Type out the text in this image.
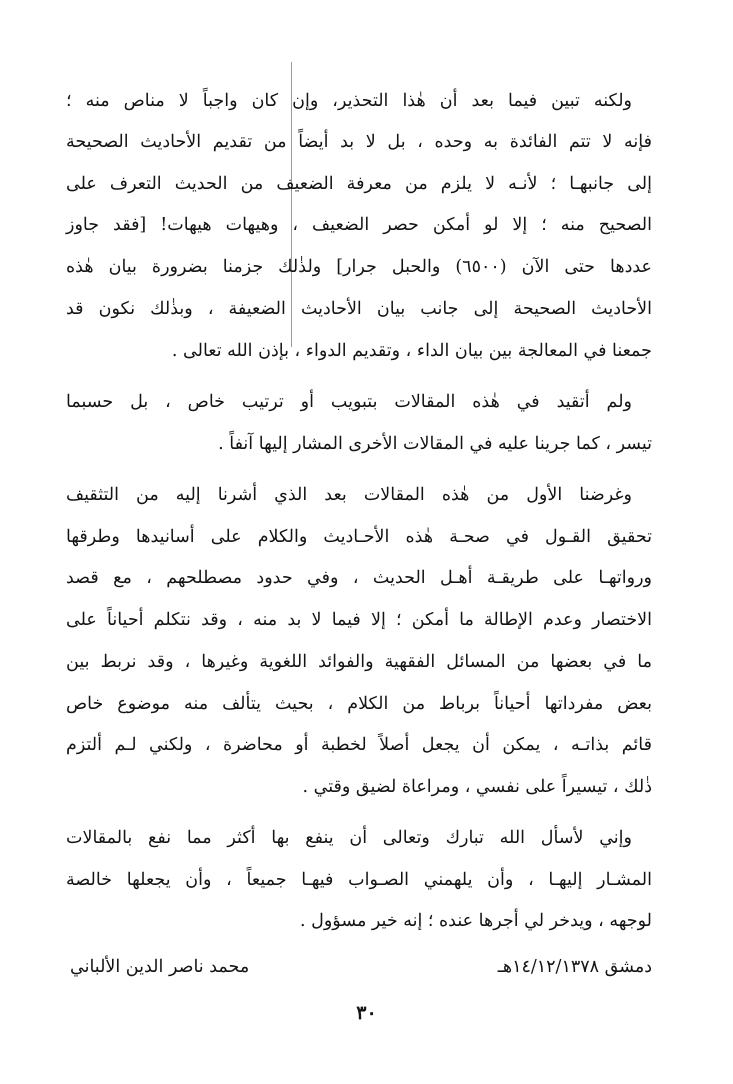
ولكنه تبين فيما بعد أن هٰذا التحذير، وإن كان واجباً لا مناص منه ؛
فإنه لا تتم الفائدة به وحده ، بل لا بد أيضاً من تقديم الأحاديث الصحيحة
إلى جانبهـا ؛ لأنـه لا يلزم من معرفة الضعيف من الحديث التعرف على
الصحيح منه ؛ إلا لو أمكن حصر الضعيف ، وهيهات هيهات! [فقد جاوز
عددها حتى الآن (٦٥٠٠) والحبل جرار] ولذٰلك جزمنا بضرورة بيان هٰذه
الأحاديث الصحيحة إلى جانب بيان الأحاديث الضعيفة ، وبذٰلك نكون قد
جمعنا في المعالجة بين بيان الداء ، وتقديم الدواء ، بإذن الله تعالى .
ولم أتقيد في هٰذه المقالات بتبويب أو ترتيب خاص ، بل حسبما
تيسر ، كما جرينا عليه في المقالات الأخرى المشار إليها آنفاً .
وغرضنا الأول من هٰذه المقالات بعد الذي أشرنا إليه من التثقيف
تحقيق القـول في صحـة هٰذه الأحـاديث والكلام على أسانيدها وطرقها
ورواتهـا على طريقـة أهـل الحديث ، وفي حدود مصطلحهم ، مع قصد
الاختصار وعدم الإطالة ما أمكن ؛ إلا فيما لا بد منه ، وقد نتكلم أحياناً على
ما في بعضها من المسائل الفقهية والفوائد اللغوية وغيرها ، وقد نربط بين
بعض مفرداتها أحياناً برباط من الكلام ، بحيث يتألف منه موضوع خاص
قائم بذاتـه ، يمكن أن يجعل أصلاً لخطبة أو محاضرة ، ولكني لـم ألتزم
ذٰلك ، تيسيراً على نفسي ، ومراعاة لضيق وقتي .
وإني لأسأل الله تبارك وتعالى أن ينفع بها أكثر مما نفع بالمقالات
المشـار إليهـا ، وأن يلهمني الصـواب فيهـا جميعاً ، وأن يجعلها خالصة
لوجهه ، ويدخر لي أجرها عنده ؛ إنه خير مسؤول .
دمشق ١٤/١٢/١٣٧٨هـ
محمد ناصر الدين الألباني
٣٠
